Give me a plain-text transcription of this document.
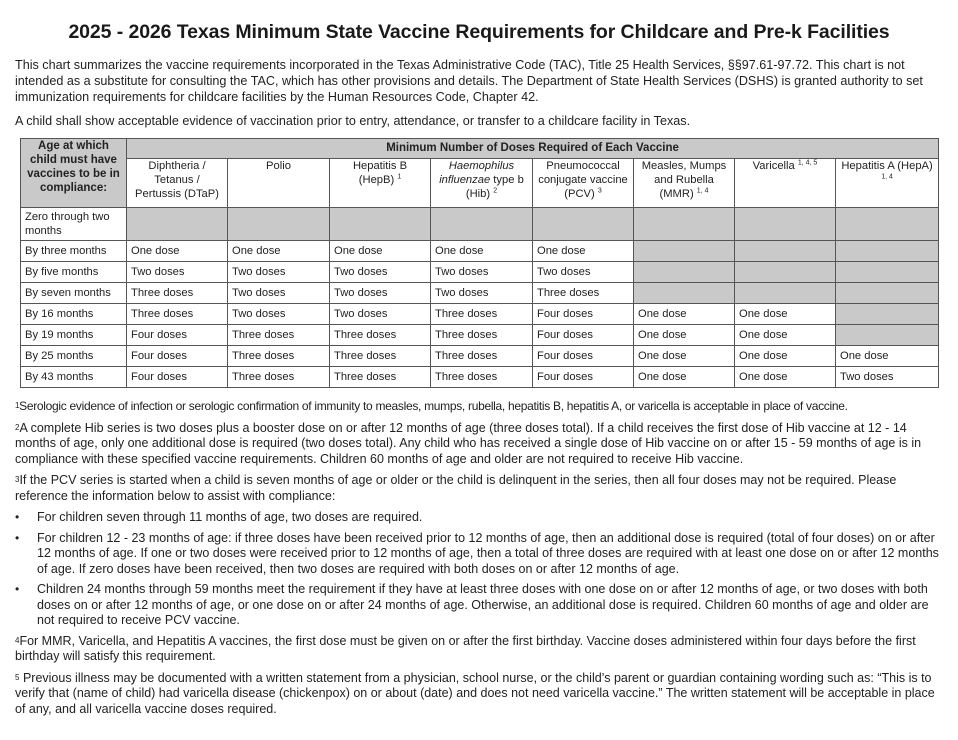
2025 - 2026 Texas Minimum State Vaccine Requirements for Childcare and Pre-k Facilities

This chart summarizes the vaccine requirements incorporated in the Texas Administrative Code (TAC), Title 25 Health Services, §§97.61-97.72. This chart is not intended as a substitute for consulting the TAC, which has other provisions and details. The Department of State Health Services (DSHS) is granted authority to set immunization requirements for childcare facilities by the Human Resources Code, Chapter 42.

A child shall show acceptable evidence of vaccination prior to entry, attendance, or transfer to a childcare facility in Texas.

Age at which child must have vaccines to be in compliance:	Minimum Number of Doses Required of Each Vaccine							
	Diphtheria / Tetanus / Pertussis (DTaP)	Polio	Hepatitis B (HepB) $^1$	Haemophilus influenzae type b (Hib) $^2$	Pneumococcal conjugate vaccine (PCV) $^3$	Measles, Mumps and Rubella (MMR) $^{1, 4}$	Varicella $^{1, 4, 5}$	Hepatitis A (HepA) $^{1, 4}$
Zero through two months								
By three months	One dose	One dose	One dose	One dose	One dose			
By five months	Two doses	Two doses	Two doses	Two doses	Two doses			
By seven months	Three doses	Two doses	Two doses	Two doses	Three doses			
By 16 months	Three doses	Two doses	Two doses	Three doses	Four doses	One dose	One dose	
By 19 months	Four doses	Three doses	Three doses	Three doses	Four doses	One dose	One dose	
By 25 months	Four doses	Three doses	Three doses	Three doses	Four doses	One dose	One dose	One dose
By 43 months	Four doses	Three doses	Three doses	Three doses	Four doses	One dose	One dose	Two doses
$^1$Serologic evidence of infection or serologic confirmation of immunity to measles, mumps, rubella, hepatitis B, hepatitis A, or varicella is acceptable in place of vaccine.
$^2$A complete Hib series is two doses plus a booster dose on or after 12 months of age (three doses total). If a child receives the first dose of Hib vaccine at 12 - 14 months of age, only one additional dose is required (two doses total). Any child who has received a single dose of Hib vaccine on or after 15 - 59 months of age is in compliance with these specified vaccine requirements. Children 60 months of age and older are not required to receive Hib vaccine.
$^3$If the PCV series is started when a child is seven months of age or older or the child is delinquent in the series, then all four doses may not be required. Please reference the information below to assist with compliance:
• For children seven through 11 months of age, two doses are required.
• For children 12 - 23 months of age: if three doses have been received prior to 12 months of age, then an additional dose is required (total of four doses) on or after 12 months of age. If one or two doses were received prior to 12 months of age, then a total of three doses are required with at least one dose on or after 12 months of age. If zero doses have been received, then two doses are required with both doses on or after 12 months of age.
• Children 24 months through 59 months meet the requirement if they have at least three doses with one dose on or after 12 months of age, or two doses with both doses on or after 12 months of age, or one dose on or after 24 months of age. Otherwise, an additional dose is required. Children 60 months of age and older are not required to receive PCV vaccine.
$^4$For MMR, Varicella, and Hepatitis A vaccines, the first dose must be given on or after the first birthday. Vaccine doses administered within four days before the first birthday will satisfy this requirement.
$^5$ Previous illness may be documented with a written statement from a physician, school nurse, or the child’s parent or guardian containing wording such as: “This is to verify that (name of child) had varicella disease (chickenpox) on or about (date) and does not need varicella vaccine.” The written statement will be acceptable in place of any, and all varicella vaccine doses required.
